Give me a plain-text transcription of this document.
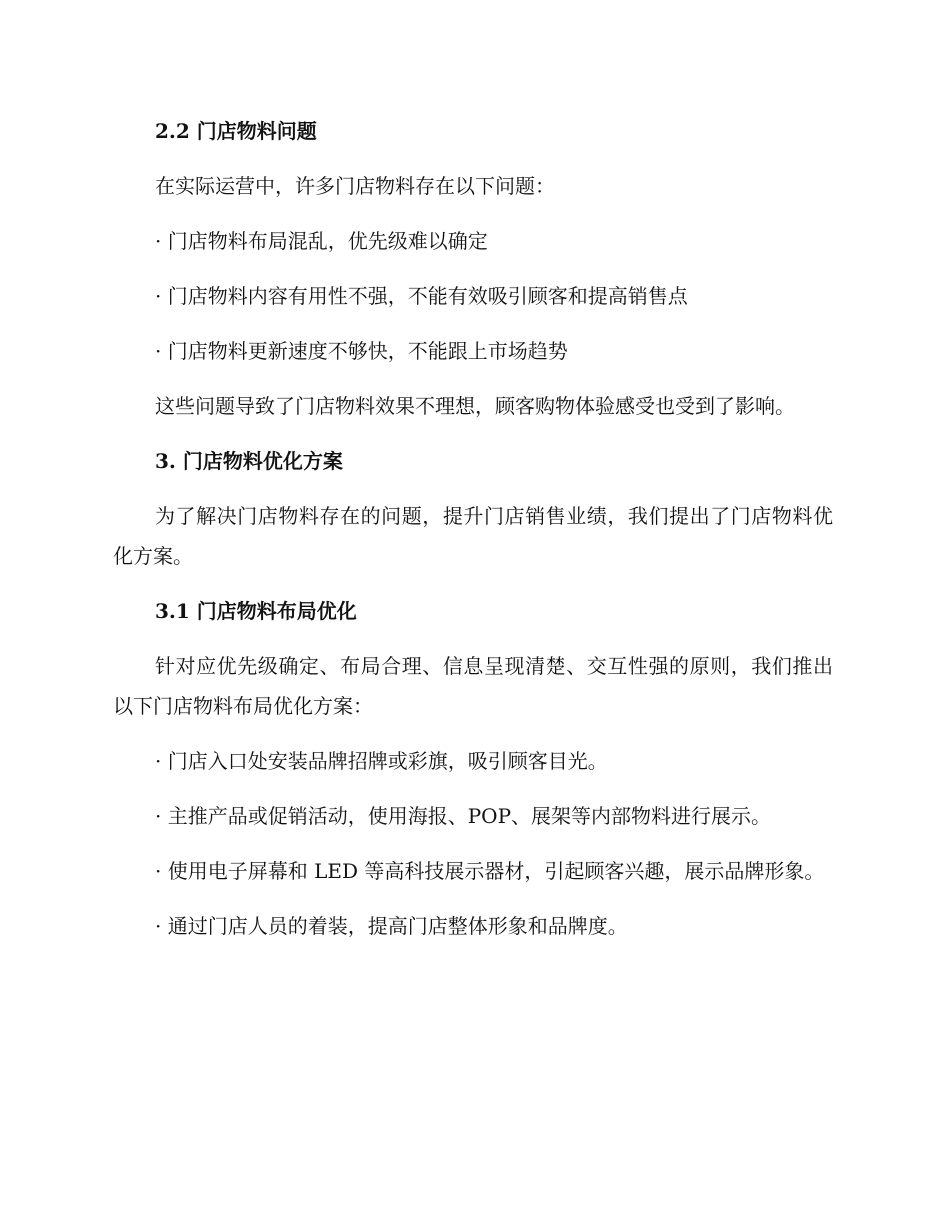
2.2 门店物料问题
在实际运营中，许多门店物料存在以下问题：
· 门店物料布局混乱，优先级难以确定
· 门店物料内容有用性不强，不能有效吸引顾客和提高销售点
· 门店物料更新速度不够快，不能跟上市场趋势
这些问题导致了门店物料效果不理想，顾客购物体验感受也受到了影响。
3. 门店物料优化方案
为了解决门店物料存在的问题，提升门店销售业绩，我们提出了门店物料优化方案。
3.1 门店物料布局优化
针对应优先级确定、布局合理、信息呈现清楚、交互性强的原则，我们推出以下门店物料布局优化方案：
· 门店入口处安装品牌招牌或彩旗，吸引顾客目光。
· 主推产品或促销活动，使用海报、POP、展架等内部物料进行展示。
· 使用电子屏幕和 LED 等高科技展示器材，引起顾客兴趣，展示品牌形象。
· 通过门店人员的着装，提高门店整体形象和品牌度。
